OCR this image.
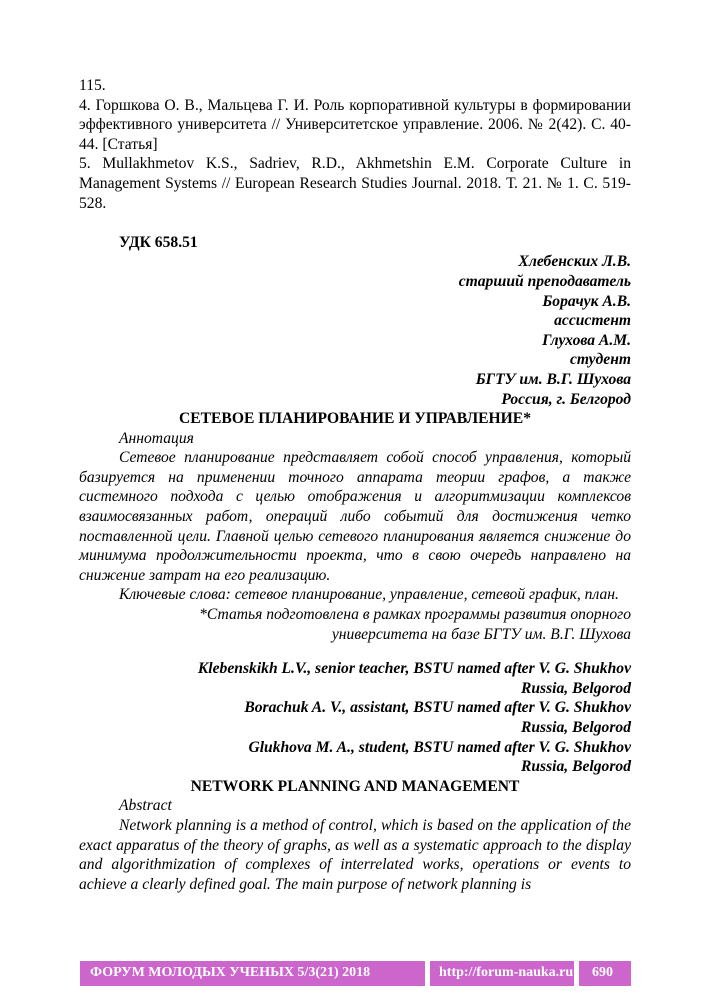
115.

4. Горшкова О. В., Мальцева Г. И. Роль корпоративной культуры в формировании эффективного университета // Университетское управление. 2006. № 2(42). С. 40-44. [Статья]

5. Mullakhmetov K.S., Sadriev, R.D., Akhmetshin E.M. Corporate Culture in Management Systems // European Research Studies Journal. 2018. Т. 21. № 1. С. 519-528.

УДК 658.51

Хлебенских Л.В.

старший преподаватель

Борачук А.В.

ассистент

Глухова А.М.

студент

БГТУ им. В.Г. Шухова

Россия, г. Белгород

СЕТЕВОЕ ПЛАНИРОВАНИЕ И УПРАВЛЕНИЕ*

Аннотация

Сетевое планирование представляет собой способ управления, который базируется на применении точного аппарата теории графов, а также системного подхода с целью отображения и алгоритмизации комплексов взаимосвязанных работ, операций либо событий для достижения четко поставленной цели. Главной целью сетевого планирования является снижение до минимума продолжительности проекта, что в свою очередь направлено на снижение затрат на его реализацию.

Ключевые слова: сетевое планирование, управление, сетевой график, план.

*Статья подготовлена в рамках программы развития опорного

университета на базе БГТУ им. В.Г. Шухова

Klebenskikh L.V., senior teacher, BSTU named after V. G. Shukhov

Russia, Belgorod

Borachuk A. V., assistant, BSTU named after V. G. Shukhov

Russia, Belgorod

Glukhova M. A., student, BSTU named after V. G. Shukhov

Russia, Belgorod

NETWORK PLANNING AND MANAGEMENT

Abstract

Network planning is a method of control, which is based on the application of the exact apparatus of the theory of graphs, as well as a systematic approach to the display and algorithmization of complexes of interrelated works, operations or events to achieve a clearly defined goal. The main purpose of network planning is

ФОРУМ МОЛОДЫХ УЧЕНЫХ 5/3(21) 2018	http://forum-nauka.ru 690
